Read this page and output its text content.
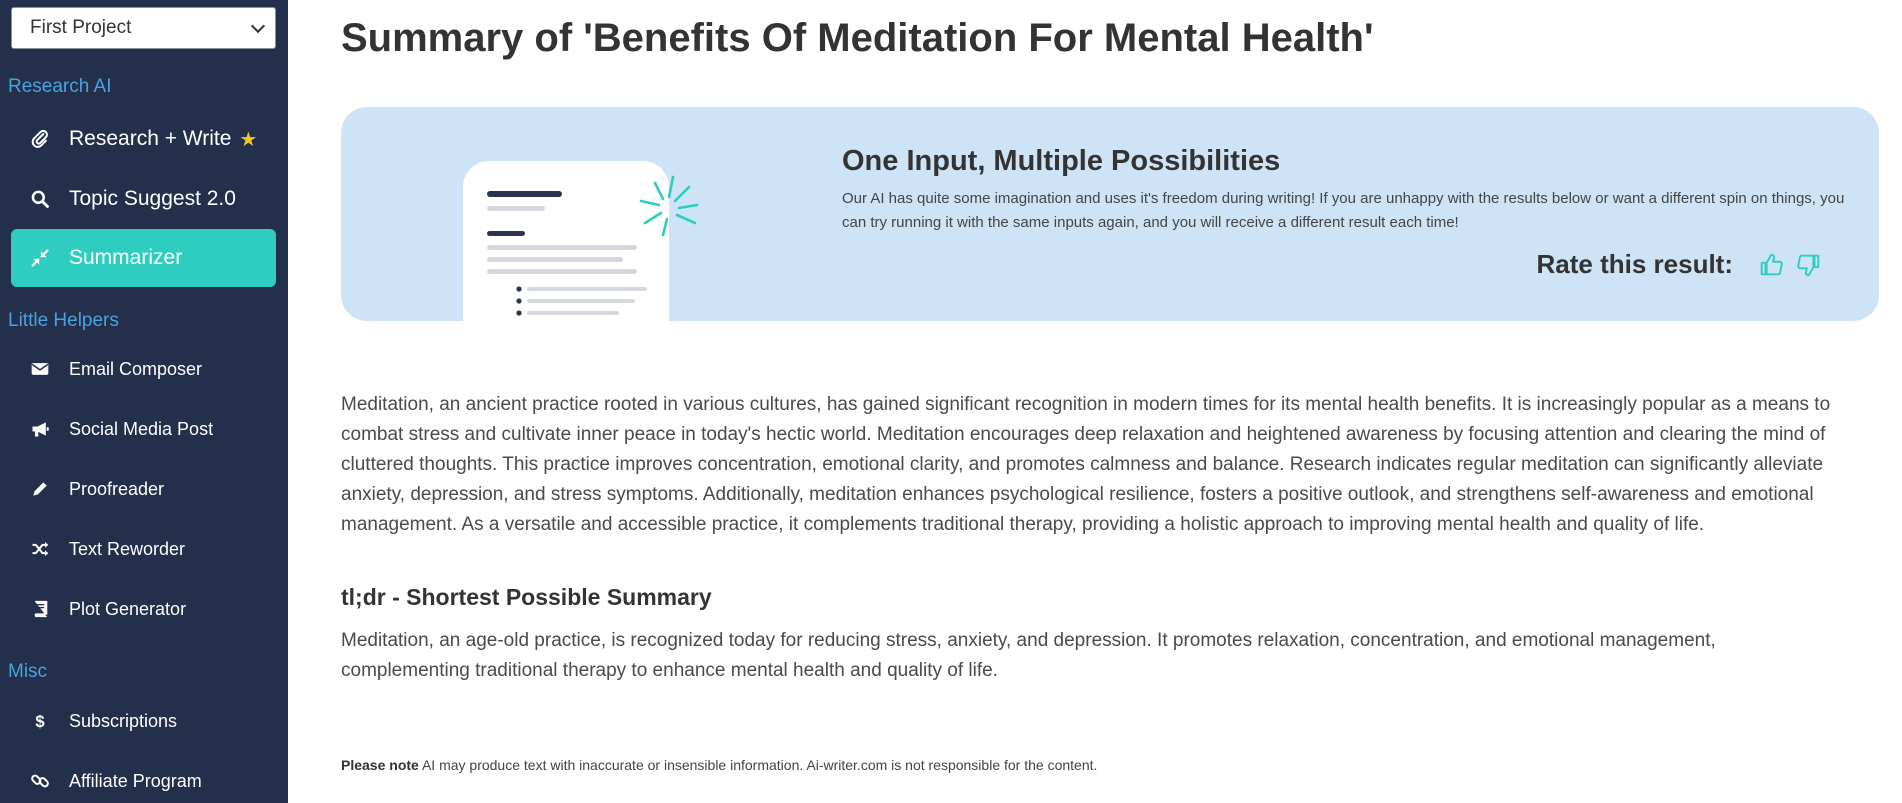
First Project
Research AI
Research + Write ★
Topic Suggest 2.0
Summarizer
Little Helpers
Email Composer
Social Media Post
Proofreader
Text Reworder
Plot Generator
Misc
$ Subscriptions
Affiliate Program
Summary of 'Benefits Of Meditation For Mental Health'
One Input, Multiple Possibilities

Our AI has quite some imagination and uses it's freedom during writing! If you are unhappy with the results below or want a different spin on things, you can try running it with the same inputs again, and you will receive a different result each time!

Rate this result:

Meditation, an ancient practice rooted in various cultures, has gained significant recognition in modern times for its mental health benefits. It is increasingly popular as a means to combat stress and cultivate inner peace in today's hectic world. Meditation encourages deep relaxation and heightened awareness by focusing attention and clearing the mind of cluttered thoughts. This practice improves concentration, emotional clarity, and promotes calmness and balance. Research indicates regular meditation can significantly alleviate anxiety, depression, and stress symptoms. Additionally, meditation enhances psychological resilience, fosters a positive outlook, and strengthens self-awareness and emotional management. As a versatile and accessible practice, it complements traditional therapy, providing a holistic approach to improving mental health and quality of life.

tl;dr - Shortest Possible Summary

Meditation, an age-old practice, is recognized today for reducing stress, anxiety, and depression. It promotes relaxation, concentration, and emotional management, complementing traditional therapy to enhance mental health and quality of life.

Please note AI may produce text with inaccurate or insensible information. Ai-writer.com is not responsible for the content.
